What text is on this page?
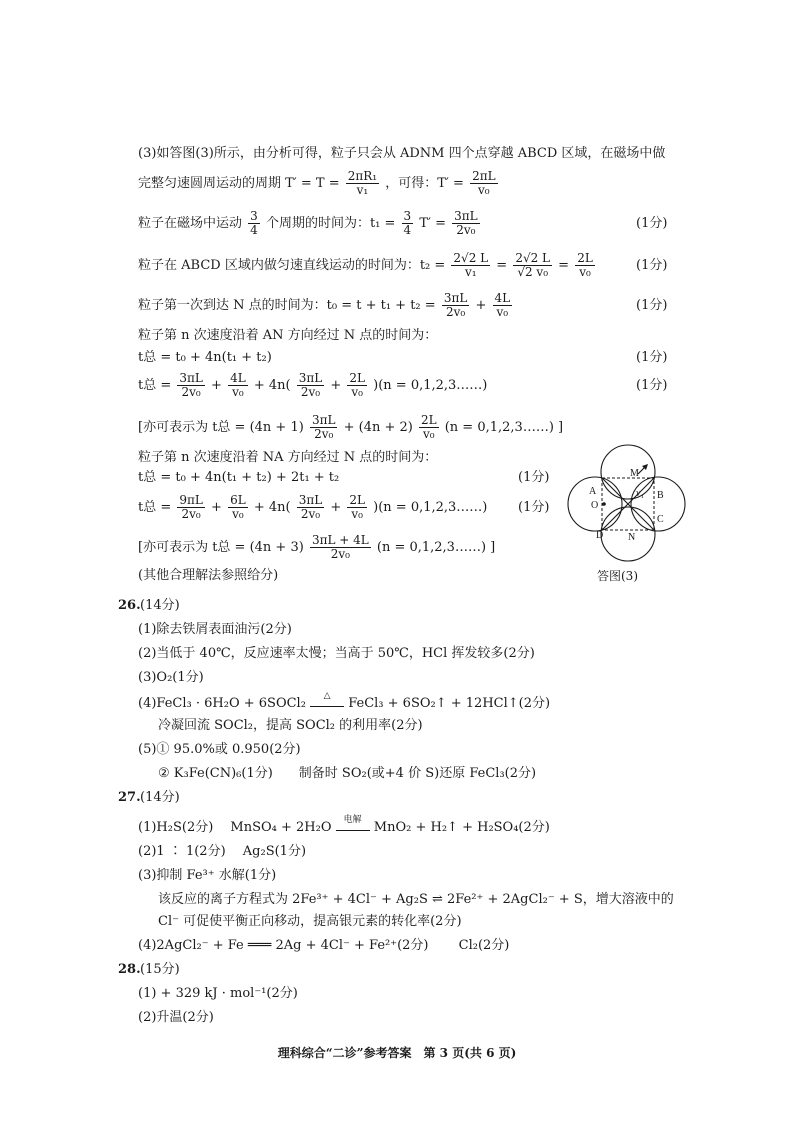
(3)如答图(3)所示，由分析可得，粒子只会从 ADNM 四个点穿越 ABCD 区域，在磁场中做
完整匀速圆周运动的周期 $T' = T = \frac{\text{2πR₁}}{\text{v₁}}$ ，可得：$T' = \frac{2\pi L}{\text{v₀}}$
粒子在磁场中运动 $\frac{3}{4}$ 个周期的时间为：$t_1 = \frac{3}{4} T' = \frac{3\pi L}{\text{2v₀}}$	(1分)
粒子在 ABCD 区域内做匀速直线运动的时间为：$t_2 = \frac{2√2 L}{\text{v₁}} = \frac{2√2 L}{\text{√2 v₀}} = \frac{2L}{\text{v₀}}$	(1分)
粒子第一次到达 N 点的时间为：$t_0 = t + t_1 + t_2 = \frac{3\pi L}{\text{2v₀}} + \frac{4L}{\text{v₀}}$	(1分)
粒子第 n 次速度沿着 AN 方向经过 N 点的时间为：
t总 = t₀ + 4n(t₁ + t₂)	(1分)
t总 = $\frac{3\pi L}{\text{2v₀}} + \frac{4L}{\text{v₀}} + 4n( \frac{3\pi L}{\text{2v₀}} + \frac{2L}{\text{v₀}} )(n$ = 0,1,2,3……)	(1分)
[亦可表示为 t总 = $(4n + 1) \frac{3\pi L}{\text{2v₀}} + (4n + 2) \frac{2L}{\text{v₀}} (n$ = 0,1,2,3……) ]
粒子第 n 次速度沿着 NA 方向经过 N 点的时间为：
t总 = t₀ + 4n(t₁ + t₂) + 2t₁ + t₂	(1分)
t总 = $\frac{9\pi L}{\text{2v₀}} + \frac{6L}{\text{v₀}} + 4n( \frac{3\pi L}{\text{2v₀}} + \frac{2L}{\text{v₀}} )(n$ = 0,1,2,3……) (1分)
[亦可表示为 t总 = $(4n + 3) \frac{3\pi L + 4L}{\text{2v₀}} (n$ = 0,1,2,3……) ]
(其他合理解法参照给分)
M
A
O
B
C
D N
v₁
答图(3)
26. (14分)
(1)除去铁屑表面油污(2分)
(2)当低于 40℃，反应速率太慢；当高于 50℃，HCl 挥发较多(2分)
(3)O₂(1分)
(4)FeCl₃ · 6H₂O + 6SOCl₂	△	FeCl₃ + 6SO₂↑ + 12HCl↑(2分)
冷凝回流 SOCl₂，提高 SOCl₂ 的利用率(2分)
(5)① 95.0%或 0.950(2分)
② K₃Fe(CN)₆(1分)　　制备时 SO₂(或+4 价 S)还原 FeCl₃(2分)
27. (14分)
(1)H₂S(2分)　 MnSO₄ + 2H₂O	电解 MnO₂ + H₂↑ + H₂SO₄(2分)
(2)1 ∶ 1(2分)　 Ag₂S(1分)
(3)抑制 Fe³⁺ 水解(1分)
该反应的离子方程式为 2Fe³⁺ + 4Cl⁻ + Ag₂S ⇌ 2Fe²⁺ + 2AgCl₂⁻ + S，增大溶液中的
Cl⁻ 可促使平衡正向移动，提高银元素的转化率(2分)
(4)2AgCl₂⁻ + Fe ═══ 2Ag + 4Cl⁻ + Fe²⁺(2分)　　 Cl₂(2分)
28. (15分)
(1) + 329 kJ · mol⁻¹(2分)
(2)升温(2分)
理科综合“二诊”参考答案　第 3 页(共 6 页)
